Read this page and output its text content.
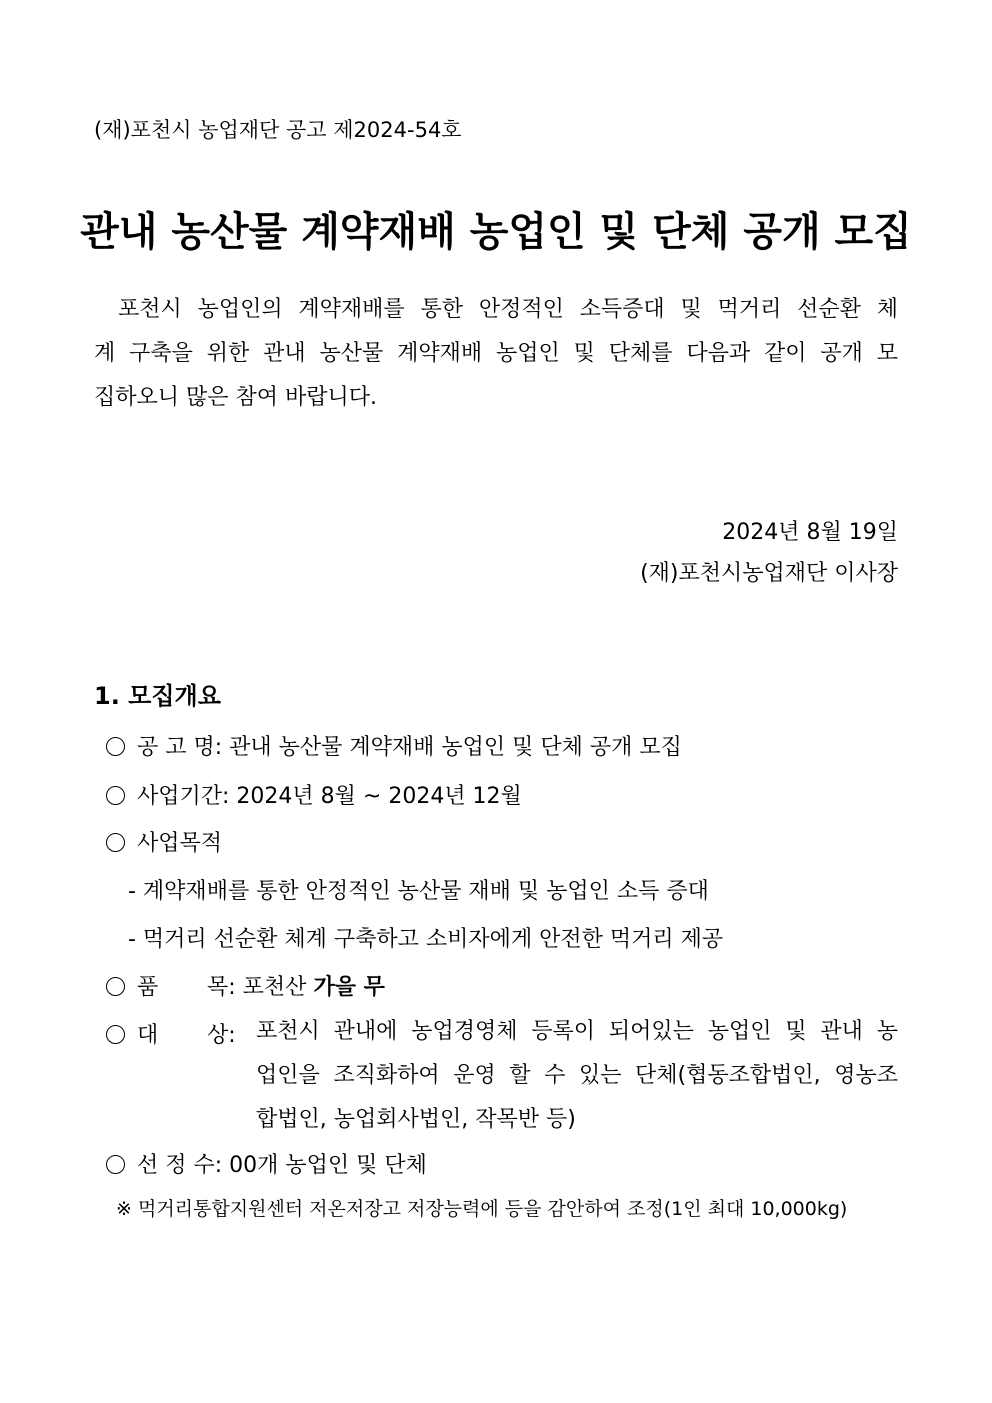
(재)포천시 농업재단 공고 제2024-54호
관내 농산물 계약재배 농업인 및 단체 공개 모집
포천시 농업인의 계약재배를 통한 안정적인 소득증대 및 먹거리 선순환 체
계 구축을 위한 관내 농산물 계약재배 농업인 및 단체를 다음과 같이 공개 모
집하오니 많은 참여 바랍니다.
2024년 8월 19일
(재)포천시농업재단 이사장
1. 모집개요
공 고 명: 관내 농산물 계약재배 농업인 및 단체 공개 모집
사업기간: 2024년 8월 ~ 2024년 12월
사업목적
- 계약재배를 통한 안정적인 농산물 재배 및 농업인 소득 증대
- 먹거리 선순환 체계 구축하고 소비자에게 안전한 먹거리 제공
품 목: 포천산 가을 무
대 상: 포천시 관내에 농업경영체 등록이 되어있는 농업인 및 관내 농
업인을 조직화하여 운영 할 수 있는 단체(협동조합법인, 영농조
합법인, 농업회사법인, 작목반 등)
선 정 수: 00개 농업인 및 단체
※ 먹거리통합지원센터 저온저장고 저장능력에 등을 감안하여 조정(1인 최대 10,000kg)
